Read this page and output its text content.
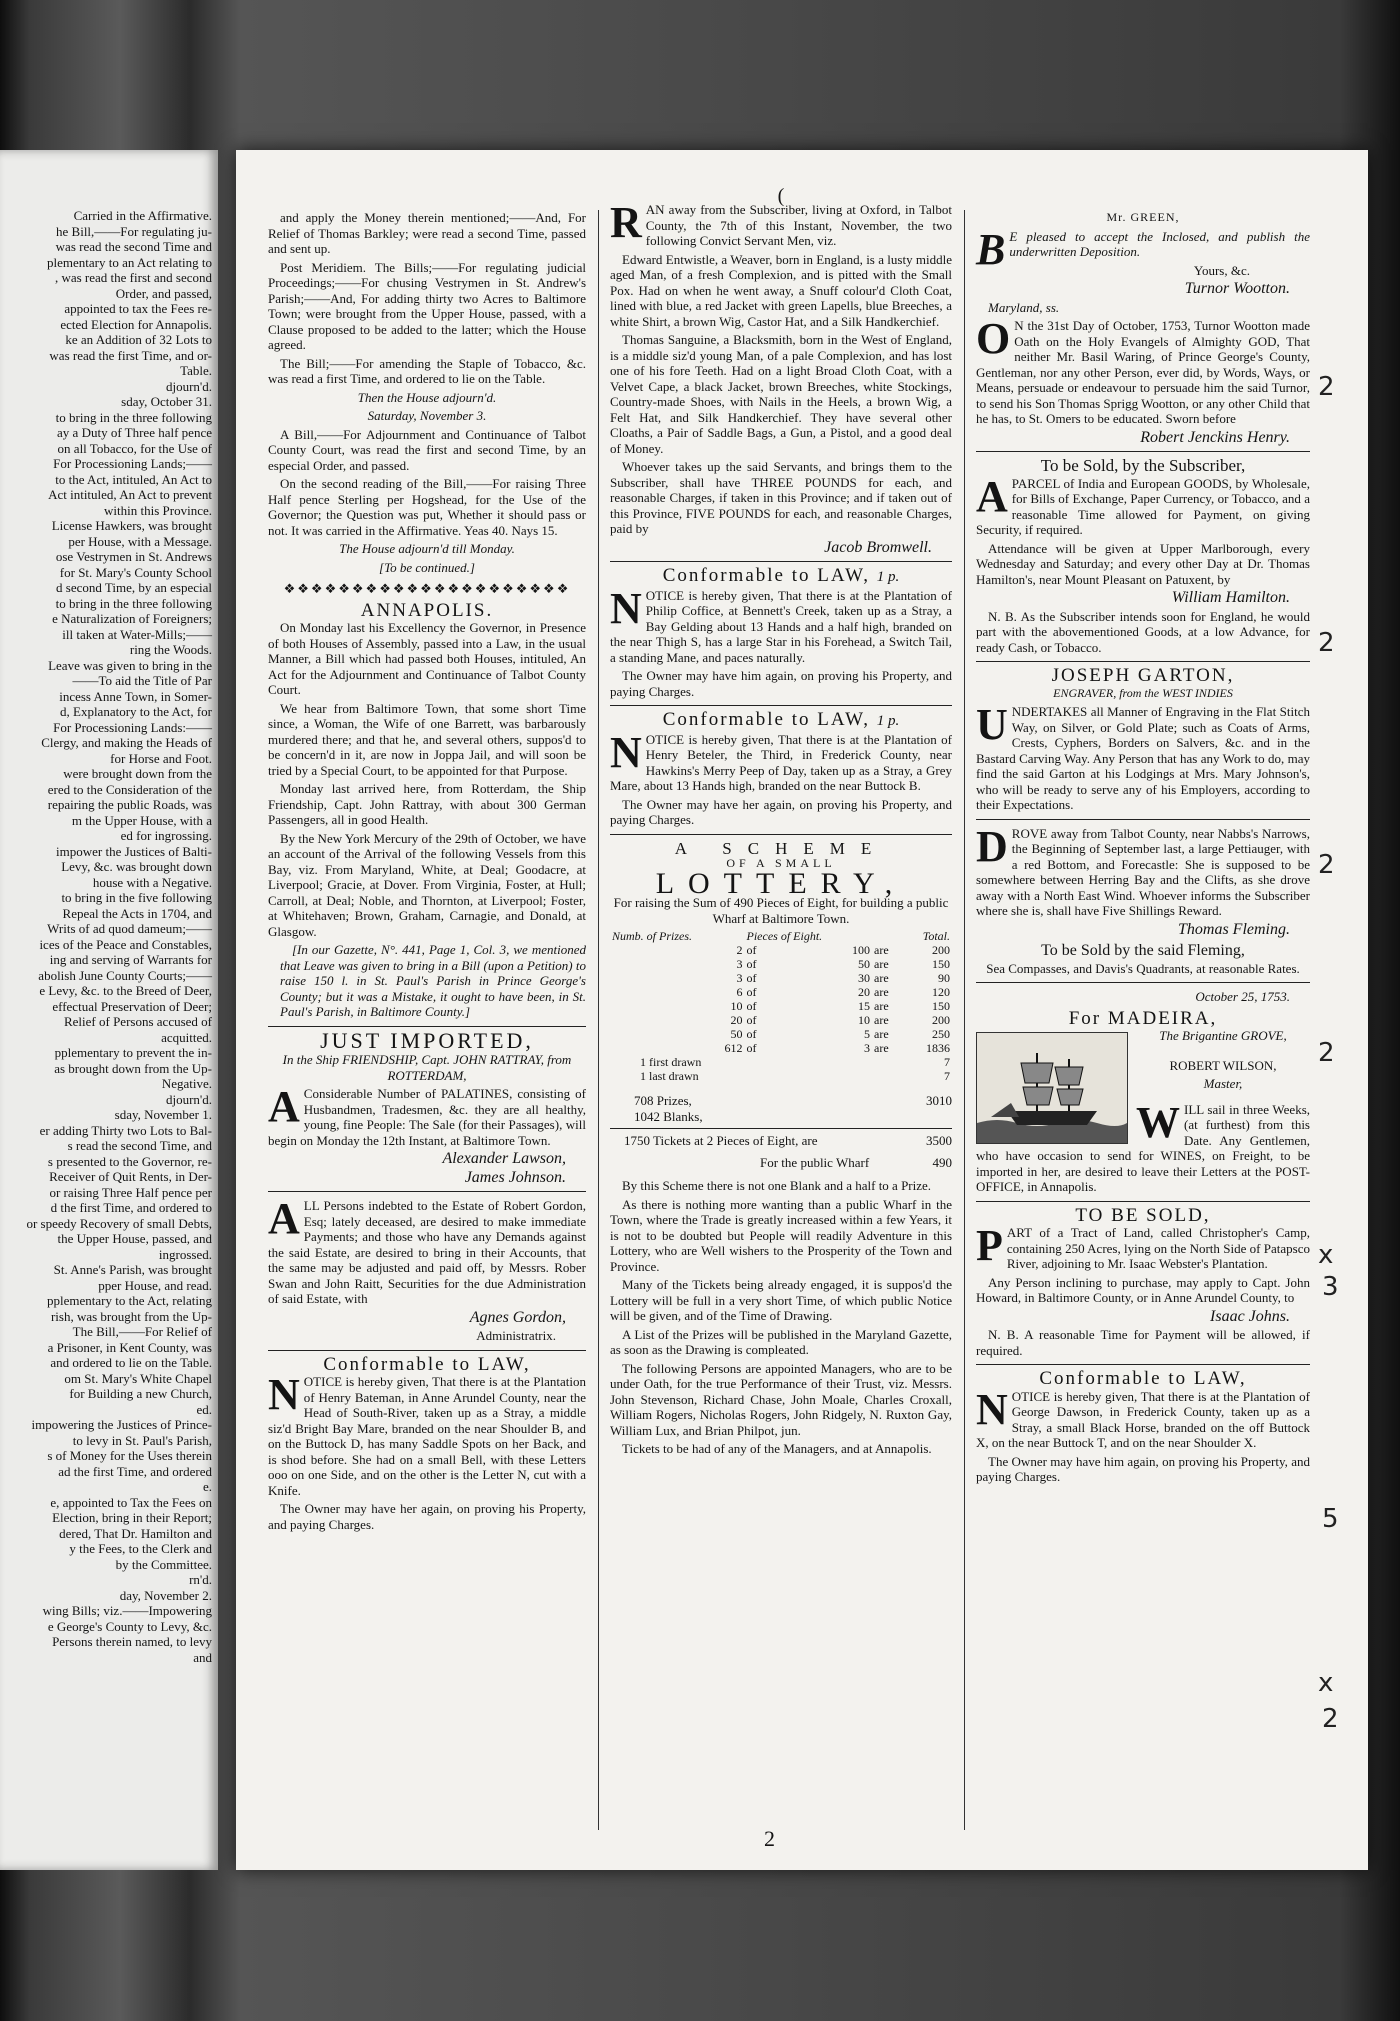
Carried in the Affirmative.
he Bill,——For regulating ju-
was read the second Time and
plementary to an Act relating to
, was read the first and second
Order, and passed,
appointed to tax the Fees re-
ected Election for Annapolis.
ke an Addition of 32 Lots to
was read the first Time, and or-
Table.
djourn'd.
sday, October 31.
to bring in the three following
ay a Duty of Three half pence
on all Tobacco, for the Use of
For Processioning Lands;——
to the Act, intituled, An Act to
Act intituled, An Act to prevent
within this Province.
License Hawkers, was brought
per House, with a Message.
ose Vestrymen in St. Andrews
for St. Mary's County School
d second Time, by an especial
to bring in the three following
e Naturalization of Foreigners;
ill taken at Water-Mills;——
ring the Woods.
Leave was given to bring in the
——To aid the Title of Par
incess Anne Town, in Somer-
d, Explanatory to the Act, for
For Processioning Lands:——
Clergy, and making the Heads of
for Horse and Foot.
were brought down from the
ered to the Consideration of the
repairing the public Roads, was
m the Upper House, with a
ed for ingrossing.
impower the Justices of Balti-
Levy, &c. was brought down
house with a Negative.
to bring in the five following
Repeal the Acts in 1704, and
Writs of ad quod dameum;——
ices of the Peace and Constables,
ing and serving of Warrants for
abolish June County Courts;——
e Levy, &c. to the Breed of Deer,
effectual Preservation of Deer;
Relief of Persons accused of
acquitted.
pplementary to prevent the in-
as brought down from the Up-
Negative.
djourn'd.
sday, November 1.
er adding Thirty two Lots to Bal-
s read the second Time, and
s presented to the Governor, re-
Receiver of Quit Rents, in Der-
or raising Three Half pence per
d the first Time, and ordered to
or speedy Recovery of small Debts,
the Upper House, passed, and
ingrossed.
St. Anne's Parish, was brought
pper House, and read.
pplementary to the Act, relating
rish, was brought from the Up-
The Bill,——For Relief of
a Prisoner, in Kent County, was
and ordered to lie on the Table.
om St. Mary's White Chapel
for Building a new Church,
ed.
impowering the Justices of Prince-
to levy in St. Paul's Parish,
s of Money for the Uses therein
ad the first Time, and ordered
e.
e, appointed to Tax the Fees on
Election, bring in their Report;
dered, That Dr. Hamilton and
y the Fees, to the Clerk and
by the Committee.
rn'd.
day, November 2.
wing Bills; viz.——Impowering
e George's County to Levy, &c.
Persons therein named, to levy
and

and apply the Money therein mentioned;——And, For Relief of Thomas Barkley; were read a second Time, passed and sent up.

Post Meridiem. The Bills;——For regulating judicial Proceedings;——For chusing Vestrymen in St. Andrew's Parish;——And, For adding thirty two Acres to Baltimore Town; were brought from the Upper House, passed, with a Clause proposed to be added to the latter; which the House agreed.

The Bill;——For amending the Staple of Tobacco, &c. was read a first Time, and ordered to lie on the Table.

Then the House adjourn'd.

Saturday, November 3.

A Bill,——For Adjournment and Continuance of Talbot County Court, was read the first and second Time, by an especial Order, and passed.

On the second reading of the Bill,——For raising Three Half pence Sterling per Hogshead, for the Use of the Governor; the Question was put, Whether it should pass or not. It was carried in the Affirmative. Yeas 40. Nays 15.

The House adjourn'd till Monday.

[To be continued.]

❖❖❖❖❖❖❖❖❖❖❖❖❖❖❖❖❖❖❖❖❖
ANNAPOLIS.

On Monday last his Excellency the Governor, in Presence of both Houses of Assembly, passed into a Law, in the usual Manner, a Bill which had passed both Houses, intituled, An Act for the Adjournment and Continuance of Talbot County Court.

We hear from Baltimore Town, that some short Time since, a Woman, the Wife of one Barrett, was barbarously murdered there; and that he, and several others, suppos'd to be concern'd in it, are now in Joppa Jail, and will soon be tried by a Special Court, to be appointed for that Purpose.

Monday last arrived here, from Rotterdam, the Ship Friendship, Capt. John Rattray, with about 300 German Passengers, all in good Health.

By the New York Mercury of the 29th of October, we have an account of the Arrival of the following Vessels from this Bay, viz. From Maryland, White, at Deal; Goodacre, at Liverpool; Gracie, at Dover. From Virginia, Foster, at Hull; Carroll, at Deal; Noble, and Thornton, at Liverpool; Foster, at Whitehaven; Brown, Graham, Carnagie, and Donald, at Glasgow.

[In our Gazette, N°. 441, Page 1, Col. 3, we mentioned that Leave was given to bring in a Bill (upon a Petition) to raise 150 l. in St. Paul's Parish in Prince George's County; but it was a Mistake, it ought to have been, in St. Paul's Parish, in Baltimore County.]

JUST IMPORTED,

In the Ship FRIENDSHIP, Capt. JOHN RATTRAY, from ROTTERDAM,

A Considerable Number of PALATINES, consisting of Husbandmen, Tradesmen, &c. they are all healthy, young, fine People: The Sale (for their Passages), will begin on Monday the 12th Instant, at Baltimore Town.

Alexander Lawson,

James Johnson.

ALL Persons indebted to the Estate of Robert Gordon, Esq; lately deceased, are desired to make immediate Payments; and those who have any Demands against the said Estate, are desired to bring in their Accounts, that the same may be adjusted and paid off, by Messrs. Rober Swan and John Raitt, Securities for the due Administration of said Estate, with

Agnes Gordon,

Administratrix.

Conformable to LAW,

NOTICE is hereby given, That there is at the Plantation of Henry Bateman, in Anne Arundel County, near the Head of South-River, taken up as a Stray, a middle siz'd Bright Bay Mare, branded on the near Shoulder B, and on the Buttock D, has many Saddle Spots on her Back, and is shod before. She had on a small Bell, with these Letters ooo on one Side, and on the other is the Letter N, cut with a Knife.

The Owner may have her again, on proving his Property, and paying Charges.

(

RAN away from the Subscriber, living at Oxford, in Talbot County, the 7th of this Instant, November, the two following Convict Servant Men, viz.

Edward Entwistle, a Weaver, born in England, is a lusty middle aged Man, of a fresh Complexion, and is pitted with the Small Pox. Had on when he went away, a Snuff colour'd Cloth Coat, lined with blue, a red Jacket with green Lapells, blue Breeches, a white Shirt, a brown Wig, Castor Hat, and a Silk Handkerchief.

Thomas Sanguine, a Blacksmith, born in the West of England, is a middle siz'd young Man, of a pale Complexion, and has lost one of his fore Teeth. Had on a light Broad Cloth Coat, with a Velvet Cape, a black Jacket, brown Breeches, white Stockings, Country-made Shoes, with Nails in the Heels, a brown Wig, a Felt Hat, and Silk Handkerchief. They have several other Cloaths, a Pair of Saddle Bags, a Gun, a Pistol, and a good deal of Money.

Whoever takes up the said Servants, and brings them to the Subscriber, shall have THREE POUNDS for each, and reasonable Charges, if taken in this Province; and if taken out of this Province, FIVE POUNDS for each, and reasonable Charges, paid by

Jacob Bromwell.

Conformable to LAW, 1 p.

NOTICE is hereby given, That there is at the Plantation of Philip Coffice, at Bennett's Creek, taken up as a Stray, a Bay Gelding about 13 Hands and a half high, branded on the near Thigh S, has a large Star in his Forehead, a Switch Tail, a standing Mane, and paces naturally.

The Owner may have him again, on proving his Property, and paying Charges.

Conformable to LAW, 1 p.

NOTICE is hereby given, That there is at the Plantation of Henry Beteler, the Third, in Frederick County, near Hawkins's Merry Peep of Day, taken up as a Stray, a Grey Mare, about 13 Hands high, branded on the near Buttock B.

The Owner may have her again, on proving his Property, and paying Charges.

A SCHEME
OF A SMALL
LOTTERY,

For raising the Sum of 490 Pieces of Eight, for building a public Wharf at Baltimore Town.

Numb. of Prizes.	Pieces of Eight.			Total.
2	of	100	are	200
3	of	50	are	150
3	of	30	are	90
6	of	20	are	120
10	of	15	are	150
20	of	10	are	200
50	of	5	are	250
612	of	3	are	1836
1 first drawn				7
1 last drawn				7
708 Prizes,	3010
1042 Blanks,
1750 Tickets at 2 Pieces of Eight, are	3500
For the public Wharf	490

By this Scheme there is not one Blank and a half to a Prize.

As there is nothing more wanting than a public Wharf in the Town, where the Trade is greatly increased within a few Years, it is not to be doubted but People will readily Adventure in this Lottery, who are Well wishers to the Prosperity of the Town and Province.

Many of the Tickets being already engaged, it is suppos'd the Lottery will be full in a very short Time, of which public Notice will be given, and of the Time of Drawing.

A List of the Prizes will be published in the Maryland Gazette, as soon as the Drawing is compleated.

The following Persons are appointed Managers, who are to be under Oath, for the true Performance of their Trust, viz. Messrs. John Stevenson, Richard Chase, John Moale, Charles Croxall, William Rogers, Nicholas Rogers, John Ridgely, N. Ruxton Gay, William Lux, and Brian Philpot, jun.

Tickets to be had of any of the Managers, and at Annapolis.

Mr. GREEN,

B E pleased to accept the Inclosed, and publish the underwritten Deposition.

Yours, &c.

Turnor Wootton.

Maryland, ss.

O N the 31st Day of October, 1753, Turnor Wootton made Oath on the Holy Evangels of Almighty GOD, That neither Mr. Basil Waring, of Prince George's County, Gentleman, nor any other Person, ever did, by Words, Ways, or Means, persuade or endeavour to persuade him the said Turnor, to send his Son Thomas Sprigg Wootton, or any other Child that he has, to St. Omers to be educated. Sworn before

Robert Jenckins Henry.

To be Sold, by the Subscriber,

APARCEL of India and European GOODS, by Wholesale, for Bills of Exchange, Paper Currency, or Tobacco, and a reasonable Time allowed for Payment, on giving Security, if required.

Attendance will be given at Upper Marlborough, every Wednesday and Saturday; and every other Day at Dr. Thomas Hamilton's, near Mount Pleasant on Patuxent, by

William Hamilton.

N. B. As the Subscriber intends soon for England, he would part with the abovementioned Goods, at a low Advance, for ready Cash, or Tobacco.

JOSEPH GARTON,

ENGRAVER, from the WEST INDIES

UNDERTAKES all Manner of Engraving in the Flat Stitch Way, on Silver, or Gold Plate; such as Coats of Arms, Crests, Cyphers, Borders on Salvers, &c. and in the Bastard Carving Way. Any Person that has any Work to do, may find the said Garton at his Lodgings at Mrs. Mary Johnson's, who will be ready to serve any of his Employers, according to their Expectations.

DROVE away from Talbot County, near Nabbs's Narrows, the Beginning of September last, a large Pettiauger, with a red Bottom, and Forecastle: She is supposed to be somewhere between Herring Bay and the Clifts, as she drove away with a North East Wind. Whoever informs the Subscriber where she is, shall have Five Shillings Reward.

Thomas Fleming.

To be Sold by the said Fleming,

Sea Compasses, and Davis's Quadrants, at reasonable Rates.

October 25, 1753.

For MADEIRA,

The Brigantine GROVE,

ROBERT WILSON,

Master,

WILL sail in three Weeks, (at furthest) from this Date. Any Gentlemen, who have occasion to send for WINES, on Freight, to be imported in her, are desired to leave their Letters at the POST-OFFICE, in Annapolis.

TO BE SOLD,

PART of a Tract of Land, called Christopher's Camp, containing 250 Acres, lying on the North Side of Patapsco River, adjoining to Mr. Isaac Webster's Plantation.

Any Person inclining to purchase, may apply to Capt. John Howard, in Baltimore County, or in Anne Arundel County, to

Isaac Johns.

N. B. A reasonable Time for Payment will be allowed, if required.

Conformable to LAW,

NOTICE is hereby given, That there is at the Plantation of George Dawson, in Frederick County, taken up as a Stray, a small Black Horse, branded on the off Buttock X, on the near Buttock T, and on the near Shoulder X.

The Owner may have him again, on proving his Property, and paying Charges.

2
2
2
2
x
3
5
x
2
2
